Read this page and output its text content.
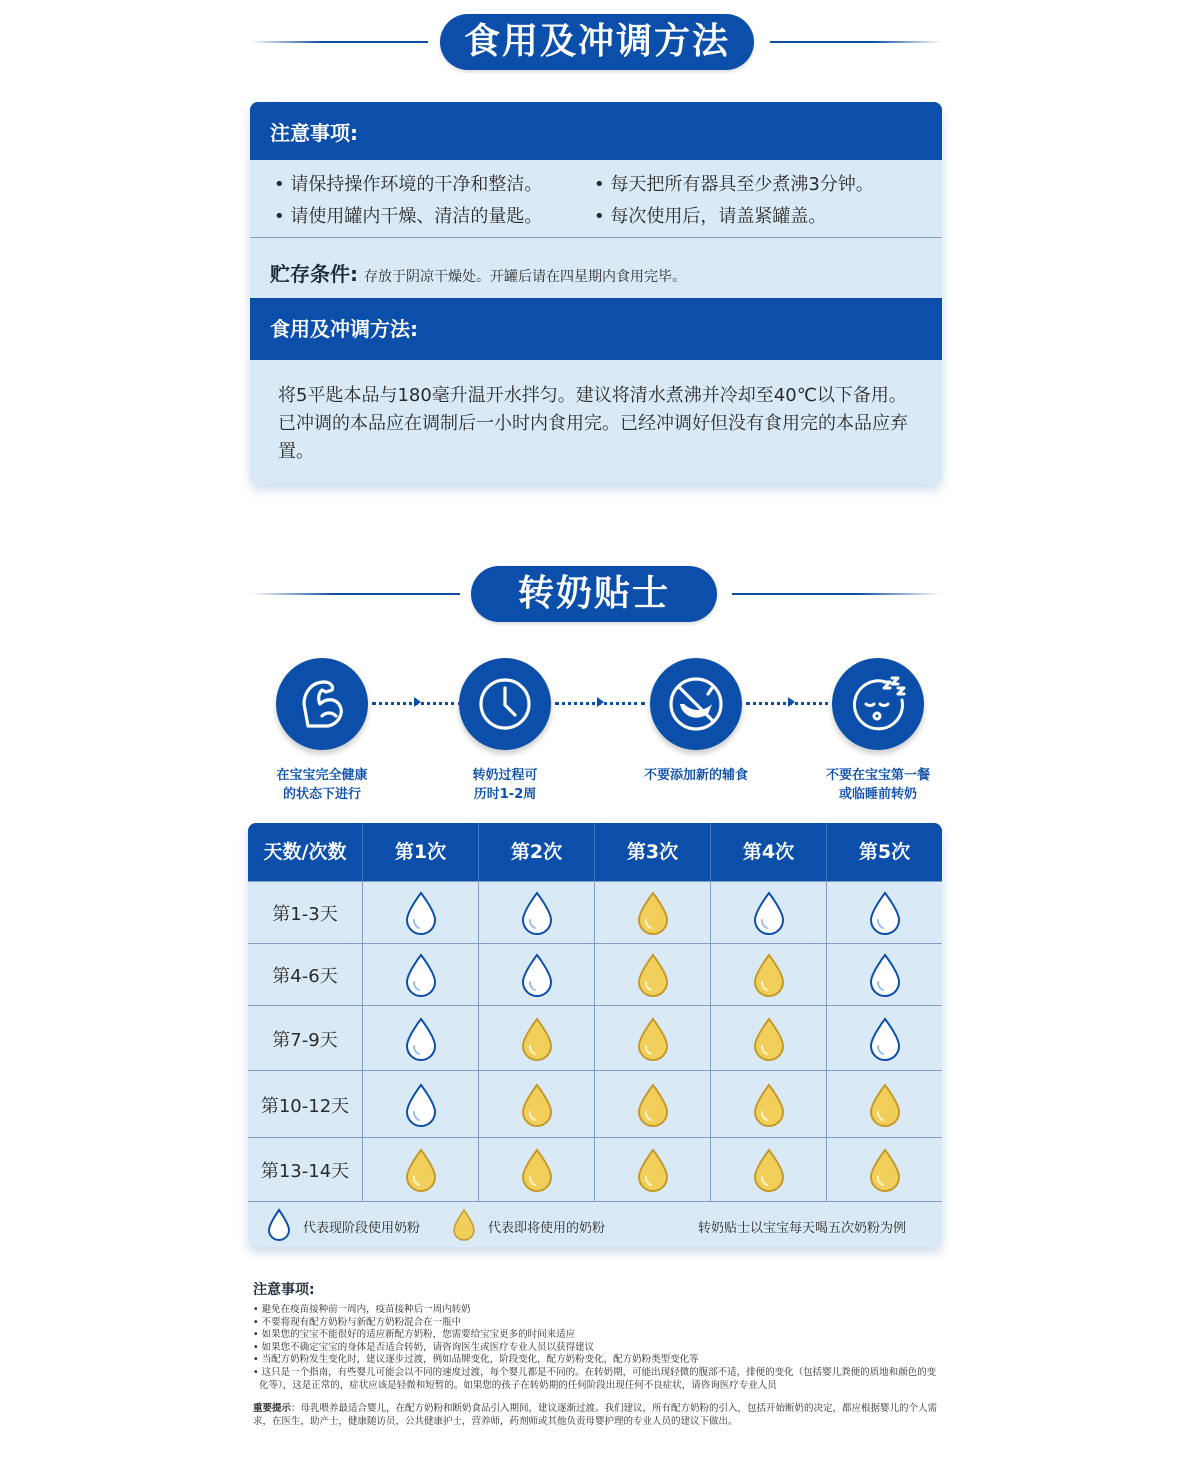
食用及冲调方法
注意事项:
• 请保持操作环境的干净和整洁。	• 每天把所有器具至少煮沸3分钟。
• 请使用罐内干燥、清洁的量匙。	• 每次使用后，请盖紧罐盖。
贮存条件: 存放于阴凉干燥处。开罐后请在四星期内食用完毕。
食用及冲调方法:
将5平匙本品与180毫升温开水拌匀。建议将清水煮沸并冷却至40℃以下备用。已冲调的本品应在调制后一小时内食用完。已经冲调好但没有食用完的本品应弃置。
转奶贴士
在宝宝完全健康
的状态下进行
转奶过程可
历时1-2周
不要添加新的辅食	不要在宝宝第一餐
或临睡前转奶
天数/次数	第1次	第2次	第3次	第4次	第5次
第1-3天
第4-6天
第7-9天
第10-12天
第13-14天
代表现阶段使用奶粉	代表即将使用的奶粉	转奶贴士以宝宝每天喝五次奶粉为例
注意事项:
• 避免在疫苗接种前一周内，疫苗接种后一周内转奶
• 不要将现有配方奶粉与新配方奶粉混合在一瓶中
• 如果您的宝宝不能很好的适应新配方奶粉，您需要给宝宝更多的时间来适应
• 如果您不确定宝宝的身体是否适合转奶，请咨询医生或医疗专业人员以获得建议
• 当配方奶粉发生变化时，建议逐步过渡，例如品牌变化，阶段变化，配方奶粉变化，配方奶粉类型变化等
• 这只是一个指南，有些婴儿可能会以不同的速度过渡，每个婴儿都是不同的。在转奶期，可能出现轻微的腹部不适，排便的变化（包括婴儿粪便的质地和颜色的变化等），这是正常的，症状应该是轻微和短暂的。如果您的孩子在转奶期的任何阶段出现任何不良症状，请咨询医疗专业人员
重要提示：母乳喂养最适合婴儿，在配方奶粉和断奶食品引入期间，建议逐渐过渡。我们建议，所有配方奶粉的引入，包括开始断奶的决定，都应根据婴儿的个人需求，在医生，助产士，健康随访员，公共健康护士，营养师，药剂师或其他负责母婴护理的专业人员的建议下做出。
